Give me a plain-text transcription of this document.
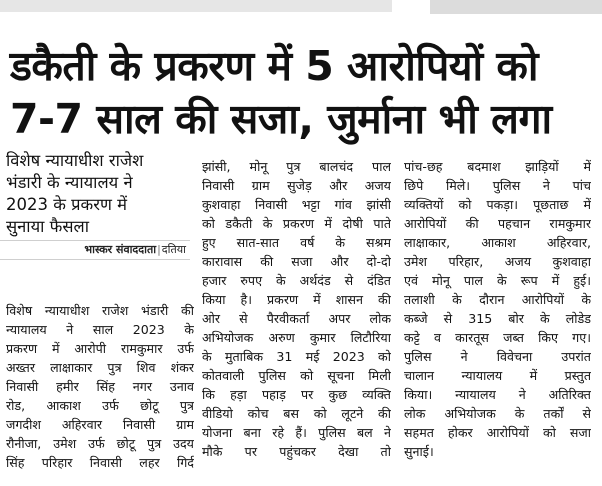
डकैती के प्रकरण में 5 आरोपियों को
7-7 साल की सजा, जुर्माना भी लगा
विशेष न्यायाधीश राजेश
भंडारी के न्यायालय ने
2023 के प्रकरण में
सुनाया फैसला
भास्कर संवाददाता|दतिया
विशेष न्यायाधीश राजेश भंडारी की
न्यायालय ने साल 2023 के
प्रकरण में आरोपी रामकुमार उर्फ
अख्तर लाक्षाकार पुत्र शिव शंकर
निवासी हमीर सिंह नगर उनाव
रोड, आकाश उर्फ छोटू पुत्र
जगदीश अहिरवार निवासी ग्राम
रौनीजा, उमेश उर्फ छोटू पुत्र उदय
सिंह परिहार निवासी लहर गिर्द
झांसी, मोनू पुत्र बालचंद पाल
निवासी ग्राम सुजेड़ और अजय
कुशवाहा निवासी भट्टा गांव झांसी
को डकैती के प्रकरण में दोषी पाते
हुए सात-सात वर्ष के सश्रम
कारावास की सजा और दो-दो
हजार रुपए के अर्थदंड से दंडित
किया है। प्रकरण में शासन की
ओर से पैरवीकर्ता अपर लोक
अभियोजक अरुण कुमार लिटौरिया
के मुताबिक 31 मई 2023 को
कोतवाली पुलिस को सूचना मिली
कि हड़ा पहाड़ पर कुछ व्यक्ति
वीडियो कोच बस को लूटने की
योजना बना रहे हैं। पुलिस बल ने
मौके पर पहुंचकर देखा तो
पांच-छह बदमाश झाड़ियों में
छिपे मिले। पुलिस ने पांच
व्यक्तियों को पकड़ा। पूछताछ में
आरोपियों की पहचान रामकुमार
लाक्षाकार, आकाश अहिरवार,
उमेश परिहार, अजय कुशवाहा
एवं मोनू पाल के रूप में हुई।
तलाशी के दौरान आरोपियों के
कब्जे से 315 बोर के लोडेड
कट्टे व कारतूस जब्त किए गए।
पुलिस ने विवेचना उपरांत
चालान न्यायालय में प्रस्तुत
किया। न्यायालय ने अतिरिक्त
लोक अभियोजक के तर्कों से
सहमत होकर आरोपियों को सजा
सुनाई।
